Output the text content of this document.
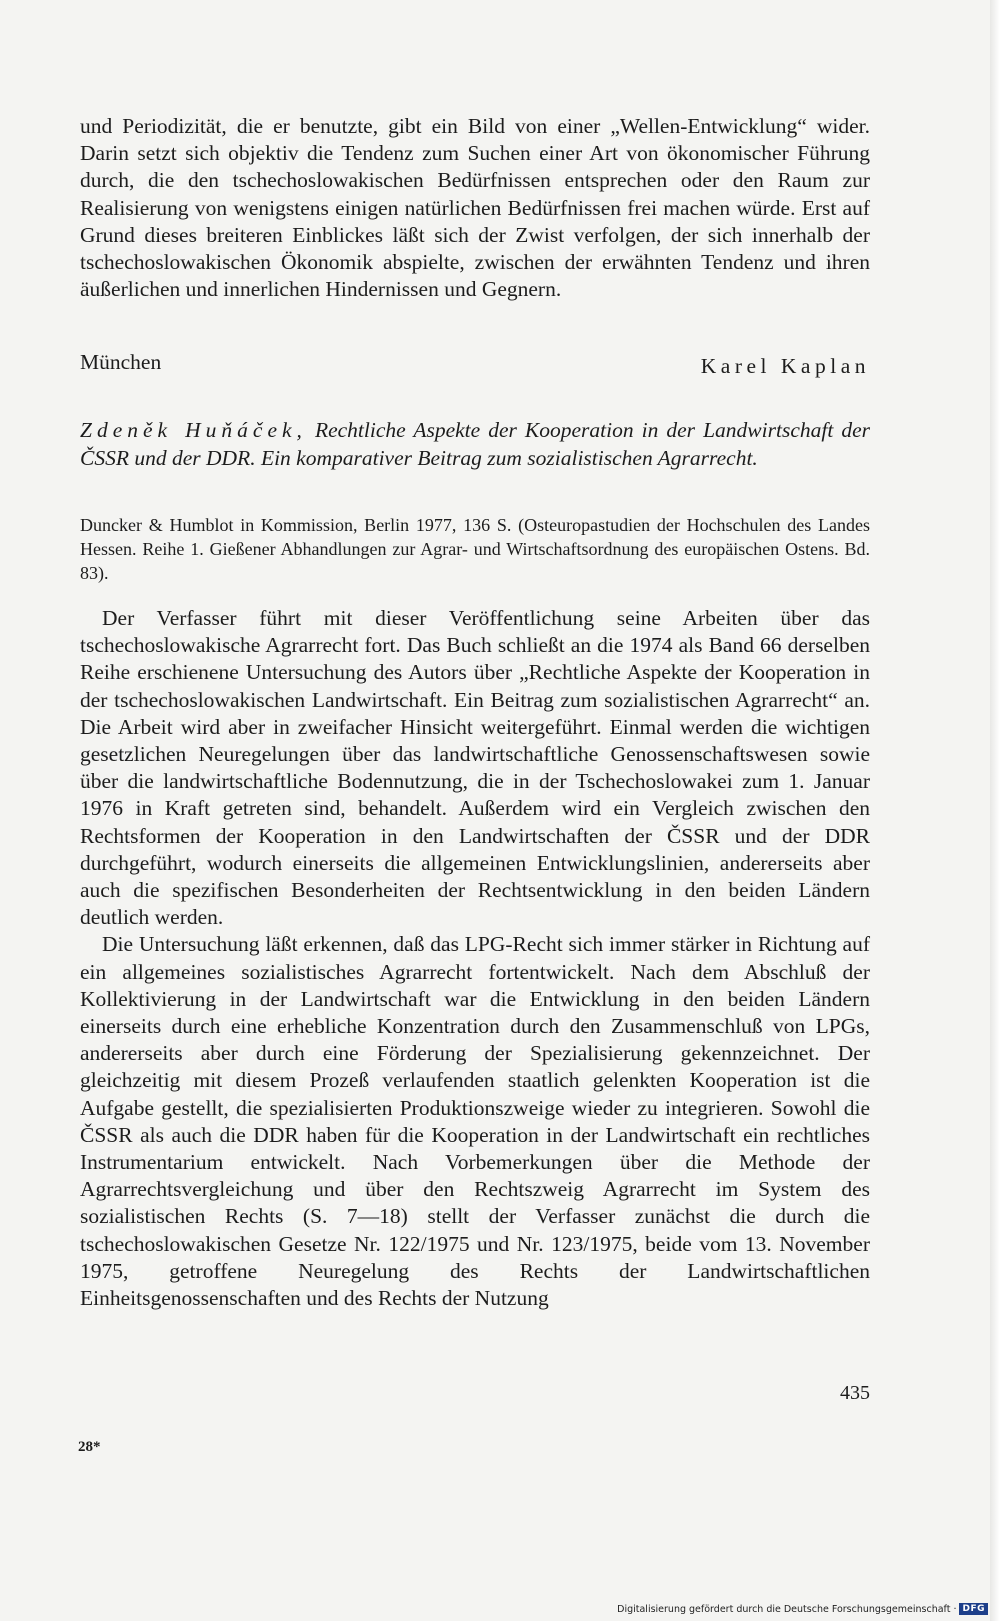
und Periodizität, die er benutzte, gibt ein Bild von einer „Wellen-Entwicklung“ wider. Darin setzt sich objektiv die Tendenz zum Suchen einer Art von ökonomischer Führung durch, die den tschechoslowakischen Bedürfnissen entsprechen oder den Raum zur Realisierung von wenigstens einigen natürlichen Bedürfnissen frei machen würde. Erst auf Grund dieses breiteren Einblickes läßt sich der Zwist verfolgen, der sich innerhalb der tschechoslowakischen Ökonomik abspielte, zwischen der erwähnten Tendenz und ihren äußerlichen und innerlichen Hindernissen und Gegnern.

München	Karel Kaplan

Zdeněk Huňáček, Rechtliche Aspekte der Kooperation in der Landwirtschaft der ČSSR und der DDR. Ein komparativer Beitrag zum sozialistischen Agrarrecht.

Duncker & Humblot in Kommission, Berlin 1977, 136 S. (Osteuropastudien der Hochschulen des Landes Hessen. Reihe 1. Gießener Abhandlungen zur Agrar- und Wirtschaftsordnung des europäischen Ostens. Bd. 83).

Der Verfasser führt mit dieser Veröffentlichung seine Arbeiten über das tschechoslowakische Agrarrecht fort. Das Buch schließt an die 1974 als Band 66 derselben Reihe erschienene Untersuchung des Autors über „Rechtliche Aspekte der Kooperation in der tschechoslowakischen Landwirtschaft. Ein Beitrag zum sozialistischen Agrarrecht“ an. Die Arbeit wird aber in zweifacher Hinsicht weitergeführt. Einmal werden die wichtigen gesetzlichen Neuregelungen über das landwirtschaftliche Genossenschaftswesen sowie über die landwirtschaftliche Bodennutzung, die in der Tschechoslowakei zum 1. Januar 1976 in Kraft getreten sind, behandelt. Außerdem wird ein Vergleich zwischen den Rechtsformen der Kooperation in den Landwirtschaften der ČSSR und der DDR durchgeführt, wodurch einerseits die allgemeinen Entwicklungslinien, andererseits aber auch die spezifischen Besonderheiten der Rechtsentwicklung in den beiden Ländern deutlich werden.

Die Untersuchung läßt erkennen, daß das LPG-Recht sich immer stärker in Richtung auf ein allgemeines sozialistisches Agrarrecht fortentwickelt. Nach dem Abschluß der Kollektivierung in der Landwirtschaft war die Entwicklung in den beiden Ländern einerseits durch eine erhebliche Konzentration durch den Zusammenschluß von LPGs, andererseits aber durch eine Förderung der Spezialisierung gekennzeichnet. Der gleichzeitig mit diesem Prozeß verlaufenden staatlich gelenkten Kooperation ist die Aufgabe gestellt, die spezialisierten Produktionszweige wieder zu integrieren. Sowohl die ČSSR als auch die DDR haben für die Kooperation in der Landwirtschaft ein rechtliches Instrumentarium entwickelt. Nach Vorbemerkungen über die Methode der Agrarrechtsvergleichung und über den Rechtszweig Agrarrecht im System des sozialistischen Rechts (S. 7—18) stellt der Verfasser zunächst die durch die tschechoslowakischen Gesetze Nr. 122/1975 und Nr. 123/1975, beide vom 13. November 1975, getroffene Neuregelung des Rechts der Landwirtschaftlichen Einheitsgenossenschaften und des Rechts der Nutzung

435
28*
Digitalisierung gefördert durch die Deutsche Forschungsgemeinschaft · DFG
